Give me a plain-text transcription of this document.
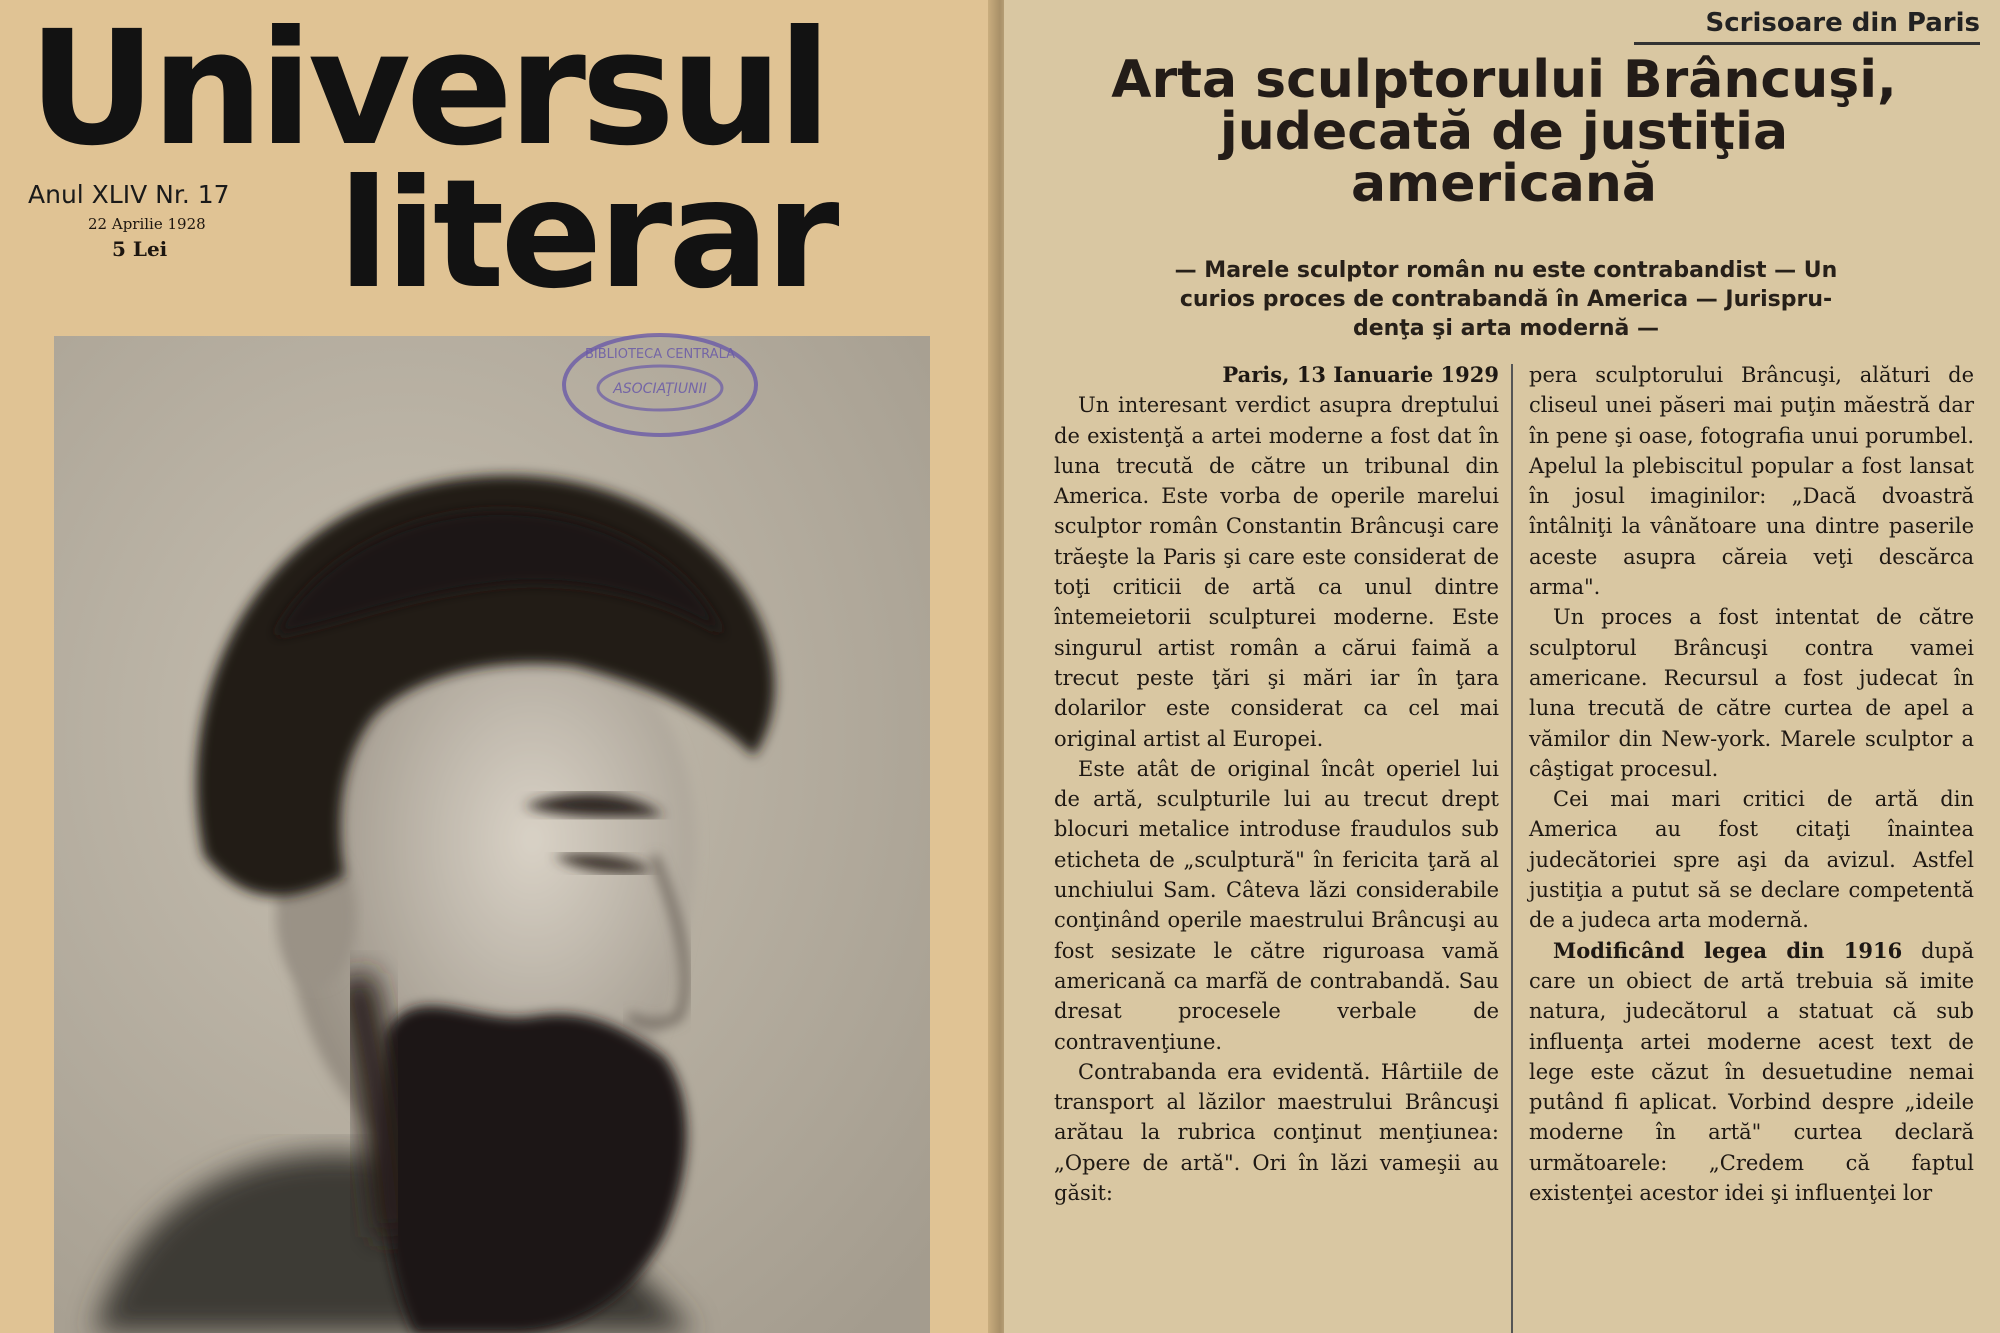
Universul
literar
Anul XLIV Nr. 17
22 Aprilie 1928
5 Lei
BIBLIOTECA CENTRALA
ASOCIAŢIUNII
Scrisoare din Paris
Arta sculptorului Brâncuşi,
judecată de justiţia
americană
— Marele sculptor român nu este contrabandist — Un
curios proces de contrabandă în America — Jurispru-
denţa şi arta modernă —

Paris, 13 Ianuarie 1929

Un interesant verdict asupra dreptului de existenţă a artei moderne a fost dat în luna trecută de către un tribunal din America. Este vorba de operile marelui sculptor român Constantin Brâncuşi care trăeşte la Paris şi care este considerat de toţi criticii de artă ca unul dintre întemeietorii sculpturei moderne. Este singurul artist român a cărui faimă a trecut peste ţări şi mări iar în ţara dolarilor este considerat ca cel mai original artist al Europei.

Este atât de original încât operiel lui de artă, sculpturile lui au trecut drept blocuri metalice introduse fraudulos sub eticheta de „sculptură" în fericita ţară al unchiului Sam. Câteva lăzi considerabile conţinând operile maestrului Brâncuşi au fost sesizate le către riguroasa vamă americană ca marfă de contrabandă. Sau dresat procesele verbale de contravenţiune.

Contrabanda era evidentă. Hârtiile de transport al lăzilor maestrului Brâncuşi arătau la rubrica conţinut menţiunea: „Opere de artă". Ori în lăzi vameşii au găsit:

pera sculptorului Brâncuşi, alături de cliseul unei păseri mai puţin măestră dar în pene şi oase, fotografia unui porumbel. Apelul la plebiscitul popular a fost lansat în josul imaginilor: „Dacă dvoastră întâlniţi la vânătoare una dintre paserile aceste asupra căreia veţi descărca arma".

Un proces a fost intentat de către sculptorul Brâncuşi contra vamei americane. Recursul a fost judecat în luna trecută de către curtea de apel a vămilor din New-york. Marele sculptor a câştigat procesul.

Cei mai mari critici de artă din America au fost citaţi înaintea judecătoriei spre aşi da avizul. Astfel justiţia a putut să se declare competentă de a judeca arta modernă.

Modificând legea din 1916 după care un obiect de artă trebuia să imite natura, judecătorul a statuat că sub influenţa artei moderne acest text de lege este căzut în desuetudine nemai putând fi aplicat. Vorbind despre „ideile moderne în artă" curtea declară următoarele: „Credem că faptul existenţei acestor idei şi influenţei lor
